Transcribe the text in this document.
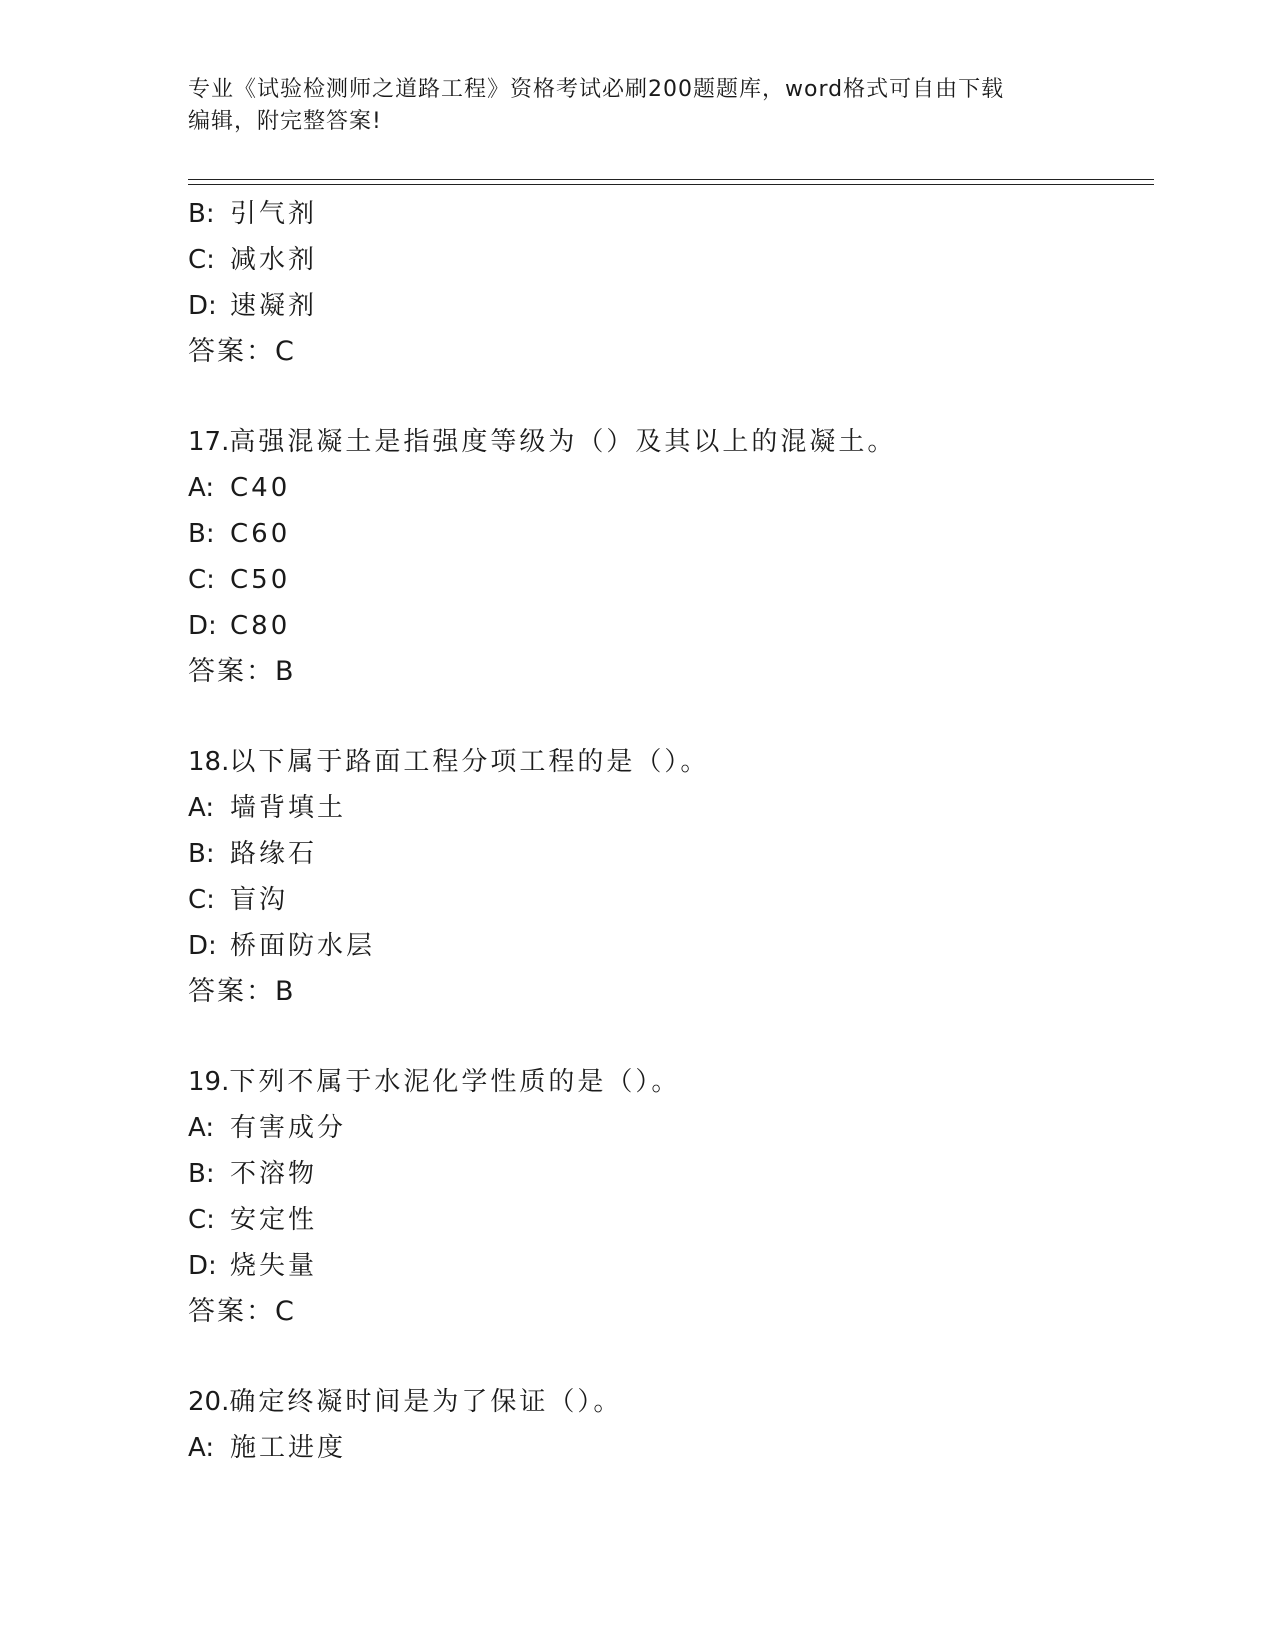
专业《试验检测师之道路工程》资格考试必刷200题题库，word格式可自由下载
编辑，附完整答案!
B: 引气剂
C: 减水剂
D: 速凝剂
答案：C
17.高强混凝土是指强度等级为（）及其以上的混凝土。
A: C40
B: C60
C: C50
D: C80
答案：B
18.以下属于路面工程分项工程的是（）。
A: 墙背填土
B: 路缘石
C: 盲沟
D: 桥面防水层
答案：B
19.下列不属于水泥化学性质的是（）。
A: 有害成分
B: 不溶物
C: 安定性
D: 烧失量
答案：C
20.确定终凝时间是为了保证（）。
A: 施工进度
